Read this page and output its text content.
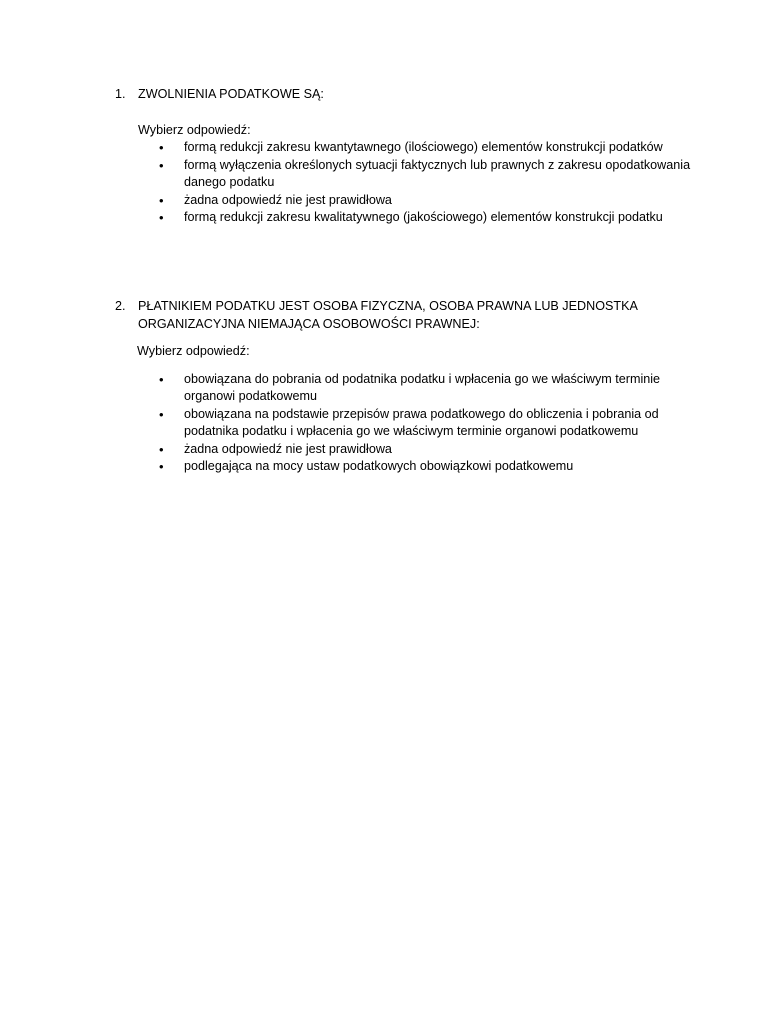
1. ZWOLNIENIA PODATKOWE SĄ:
Wybierz odpowiedź:
• formą redukcji zakresu kwantytawnego (ilościowego) elementów konstrukcji podatków
• formą wyłączenia określonych sytuacji faktycznych lub prawnych z zakresu opodatkowania danego podatku
• żadna odpowiedź nie jest prawidłowa
• formą redukcji zakresu kwalitatywnego (jakościowego) elementów konstrukcji podatku
2. PŁATNIKIEM PODATKU JEST OSOBA FIZYCZNA, OSOBA PRAWNA LUB JEDNOSTKA ORGANIZACYJNA NIEMAJĄCA OSOBOWOŚCI PRAWNEJ:
Wybierz odpowiedź:
• obowiązana do pobrania od podatnika podatku i wpłacenia go we właściwym terminie organowi podatkowemu
• obowiązana na podstawie przepisów prawa podatkowego do obliczenia i pobrania od podatnika podatku i wpłacenia go we właściwym terminie organowi podatkowemu
• żadna odpowiedź nie jest prawidłowa
• podlegająca na mocy ustaw podatkowych obowiązkowi podatkowemu
